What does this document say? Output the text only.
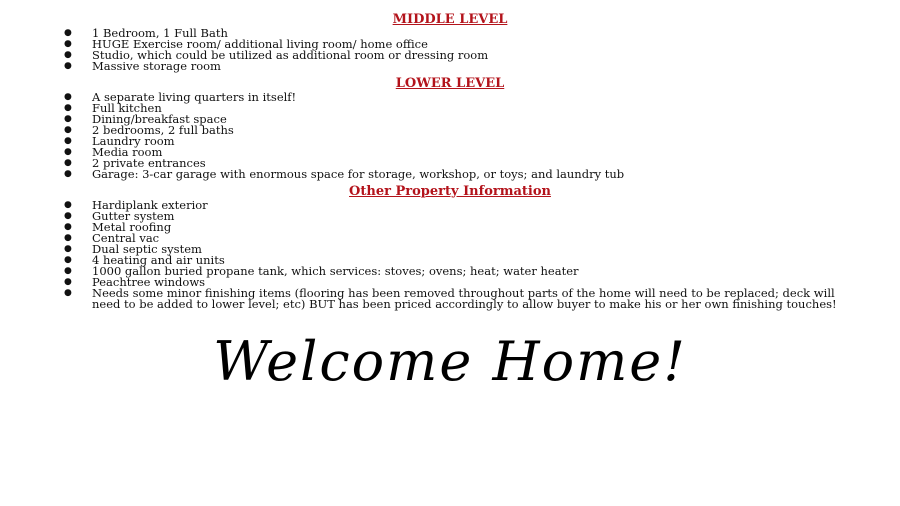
MIDDLE LEVEL
● 1 Bedroom, 1 Full Bath
● HUGE Exercise room/ additional living room/ home office
● Studio, which could be utilized as additional room or dressing room
● Massive storage room
LOWER LEVEL
● A separate living quarters in itself!
● Full kitchen
● Dining/breakfast space
● 2 bedrooms, 2 full baths
● Laundry room
● Media room
● 2 private entrances
● Garage: 3-car garage with enormous space for storage, workshop, or toys; and laundry tub
Other Property Information
● Hardiplank exterior
● Gutter system
● Metal roofing
● Central vac
● Dual septic system
● 4 heating and air units
● 1000 gallon buried propane tank, which services: stoves; ovens; heat; water heater
● Peachtree windows
● Needs some minor finishing items (flooring has been removed throughout parts of the home will need to be replaced; deck will need to be added to lower level; etc) BUT has been priced accordingly to allow buyer to make his or her own finishing touches!
Welcome Home!
